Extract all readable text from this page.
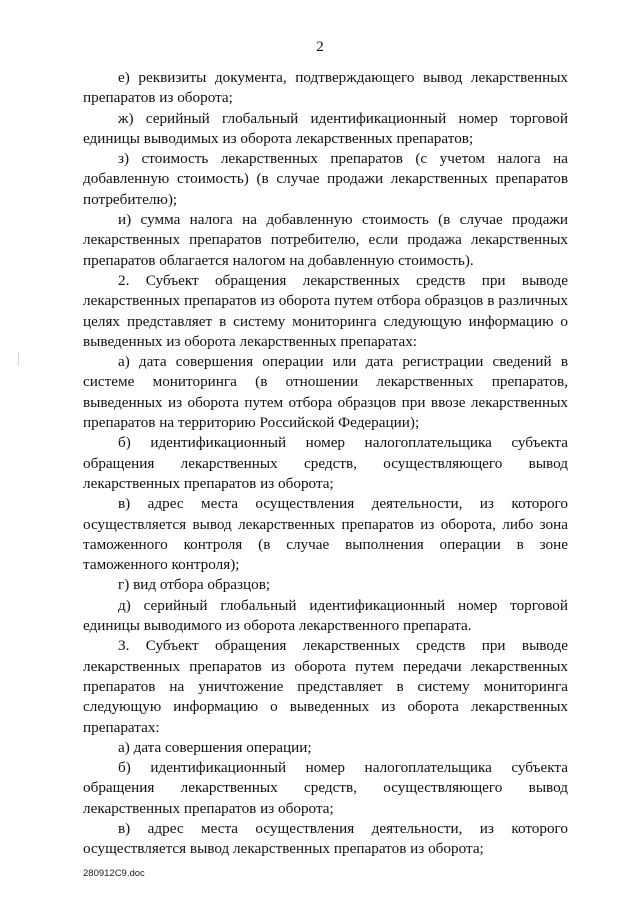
2

е) реквизиты документа, подтверждающего вывод лекарственных препаратов из оборота;

ж) серийный глобальный идентификационный номер торговой единицы выводимых из оборота лекарственных препаратов;

з) стоимость лекарственных препаратов (с учетом налога на добавленную стоимость) (в случае продажи лекарственных препаратов потребителю);

и) сумма налога на добавленную стоимость (в случае продажи лекарственных препаратов потребителю, если продажа лекарственных препаратов облагается налогом на добавленную стоимость).

2. Субъект обращения лекарственных средств при выводе лекарственных препаратов из оборота путем отбора образцов в различных целях представляет в систему мониторинга следующую информацию о выведенных из оборота лекарственных препаратах:

а) дата совершения операции или дата регистрации сведений в системе мониторинга (в отношении лекарственных препаратов, выведенных из оборота путем отбора образцов при ввозе лекарственных препаратов на территорию Российской Федерации);

б) идентификационный номер налогоплательщика субъекта обращения лекарственных средств, осуществляющего вывод лекарственных препаратов из оборота;

в) адрес места осуществления деятельности, из которого осуществляется вывод лекарственных препаратов из оборота, либо зона таможенного контроля (в случае выполнения операции в зоне таможенного контроля);

г) вид отбора образцов;

д) серийный глобальный идентификационный номер торговой единицы выводимого из оборота лекарственного препарата.

3. Субъект обращения лекарственных средств при выводе лекарственных препаратов из оборота путем передачи лекарственных препаратов на уничтожение представляет в систему мониторинга следующую информацию о выведенных из оборота лекарственных препаратах:

а) дата совершения операции;

б) идентификационный номер налогоплательщика субъекта обращения лекарственных средств, осуществляющего вывод лекарственных препаратов из оборота;

в) адрес места осуществления деятельности, из которого осуществляется вывод лекарственных препаратов из оборота;

280912C9.doc
